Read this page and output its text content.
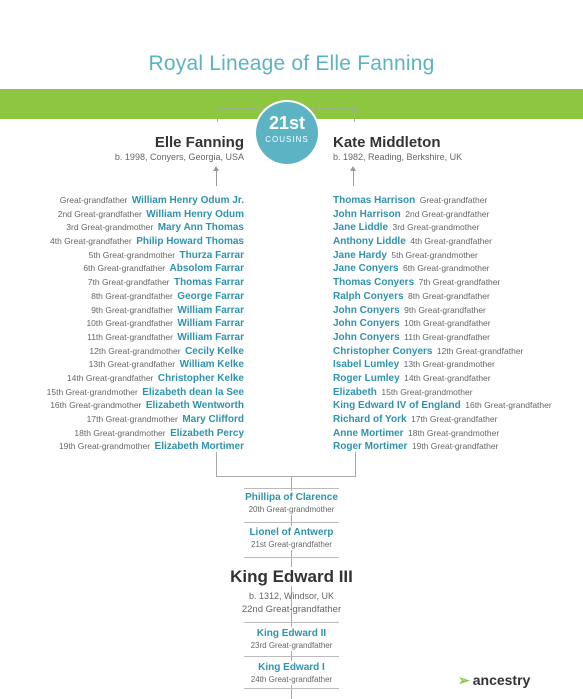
Royal Lineage of Elle Fanning
21st
COUSINS
Elle Fanning
b. 1998, Conyers, Georgia, USA
Kate Middleton
b. 1982, Reading, Berkshire, UK
Great-grandfather William Henry Odum Jr.
2nd Great-grandfather William Henry Odum
3rd Great-grandmother Mary Ann Thomas
4th Great-grandfather Philip Howard Thomas
5th Great-grandmother Thurza Farrar
6th Great-grandfather Absolom Farrar
7th Great-grandfather Thomas Farrar
8th Great-grandfather George Farrar
9th Great-grandfather William Farrar
10th Great-grandfather William Farrar
11th Great-grandfather William Farrar
12th Great-grandmother Cecily Kelke
13th Great-grandfather William Kelke
14th Great-grandfather Christopher Kelke
15th Great-grandmother Elizabeth dean la See
16th Great-grandmother Elizabeth Wentworth
17th Great-grandmother Mary Clifford
18th Great-grandmother Elizabeth Percy
19th Great-grandmother Elizabeth Mortimer
Thomas Harrison Great-grandfather
John Harrison 2nd Great-grandfather
Jane Liddle 3rd Great-grandmother
Anthony Liddle 4th Great-grandfather
Jane Hardy 5th Great-grandmother
Jane Conyers 6th Great-grandmother
Thomas Conyers 7th Great-grandfather
Ralph Conyers 8th Great-grandfather
John Conyers 9th Great-grandfather
John Conyers 10th Great-grandfather
John Conyers 11th Great-grandfather
Christopher Conyers 12th Great-grandfather
Isabel Lumley 13th Great-grandmother
Roger Lumley 14th Great-grandfather
Elizabeth 15th Great-grandmother
King Edward IV of England 16th Great-grandfather
Richard of York 17th Great-grandfather
Anne Mortimer 18th Great-grandmother
Roger Mortimer 19th Great-grandfather
Phillipa of Clarence
20th Great-grandmother
Lionel of Antwerp
21st Great-grandfather
King Edward III
b. 1312, Windsor, UK
22nd Great-grandfather
King Edward II
23rd Great-grandfather
King Edward I
24th Great-grandfather	➢ ancestry
